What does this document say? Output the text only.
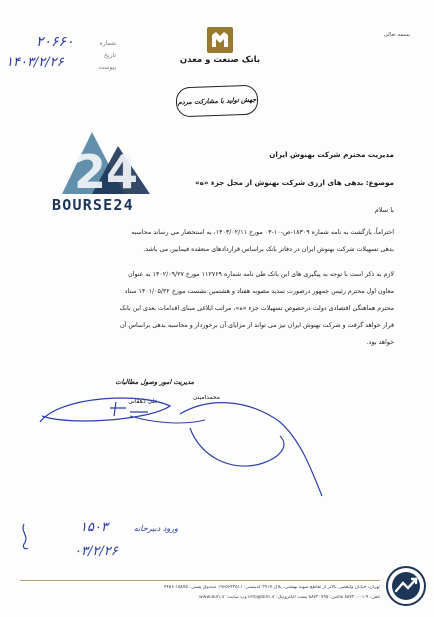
بسمه تعالی
شماره
تاریخ
پیوست
۲۰۶۶۰
۱۴۰۳/۲/۲۶	بانک صنعت و معدن
جهش تولید با مشارکت مردم
24
BOURSE24
مدیریت محترم شرکت بهنوش ایران
موضوع: بدهی های ارزی شرکت بهنوش از محل جزء «ه»
با سلام
احتراماً، بازگشت به نامه شماره ۱۸۳۰۹-ص-۱۰-۰۳ مورخ ۱۴۰۳/۰۲/۱۱، به استحضار می رساند محاسبه
بدهی تسهیلات شرکت بهنوش ایران در دفاتر بانک براساس قراردادهای منعقده فیمابین می باشد.
لازم به ذکر است با توجه به پیگیری های این بانک طی نامه شماره ۱۱۲۷۶۹ مورخ ۱۴۰۲/۰۹/۲۷ به عنوان
معاون اول محترم رئیس جمهور درصورت تمدید مصوبه هفتاد و هشتمین نشست مورخ ۱۴۰۱/۰۵/۲۲ ستاد
محترم هماهنگی اقتصادی دولت درخصوص تسهیلات جزء «ه»، مراتب ابلاغی مبنای اقدامات بعدی این بانک
قرار خواهد گرفت و شرکت بهنوش ایران نیز می تواند از مزایای آن برخوردار و محاسبه بدهی براساس آن
خواهد بود.
مدیریت امور وصول مطالبات
محمدامینی
علی دهقانی
۱۵۰۳	ورود دبیرخانه
۰۳/۲/۲۶
تهران، خیابان ولیعصر، بالاتر از تقاطع شهید بهشتی، پلاک ۲۹۱۷ کدپستی: ۱۹۶۵۶۴۳۵۱۱ صندوق پستی: ۱۵۸۷۵-۴۴۵۶
تلفن: ۹-۸۸۷۲۰۰۰۱ فاکس: ۸۸۷۲۰۷۹۵ پست الکترونیک: info@bim.ir وب سایت: www.bim.ir
